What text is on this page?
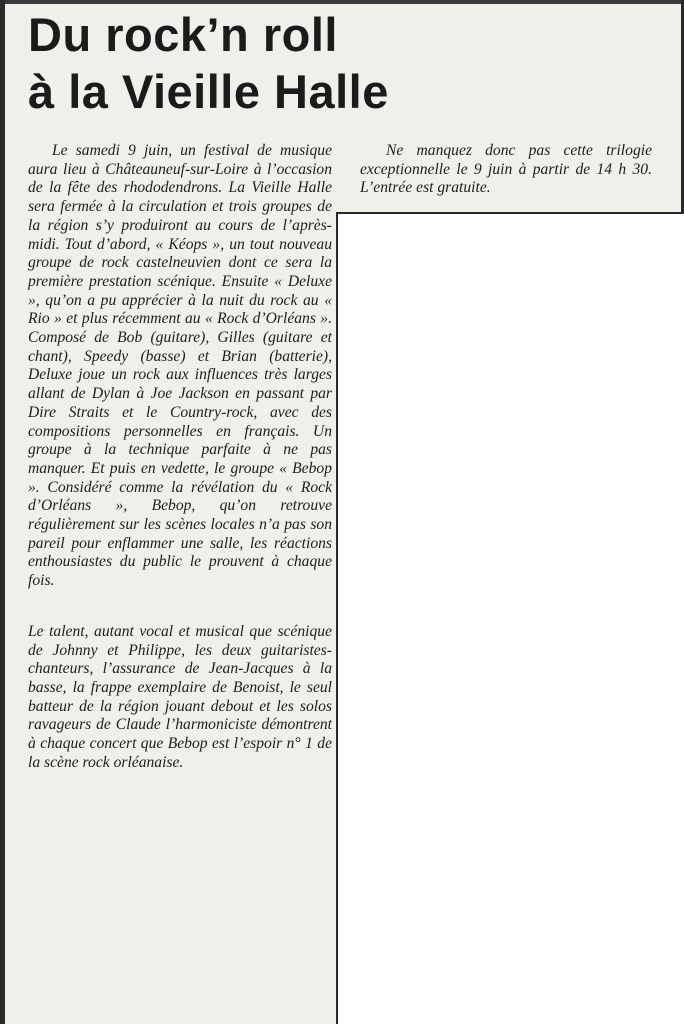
Du rock’n roll
à la Vieille Halle

Le samedi 9 juin, un festival de musique aura lieu à Châteauneuf-sur-Loire à l’occasion de la fête des rhododendrons. La Vieille Halle sera fermée à la circulation et trois groupes de la région s’y produiront au cours de l’après-midi. Tout d’abord, « Kéops », un tout nouveau groupe de rock castelneuvien dont ce sera la première prestation scénique. Ensuite « Deluxe », qu’on a pu apprécier à la nuit du rock au « Rio » et plus récemment au « Rock d’Orléans ». Composé de Bob (guitare), Gilles (guitare et chant), Speedy (basse) et Brian (batterie), Deluxe joue un rock aux influences très larges allant de Dylan à Joe Jackson en passant par Dire Straits et le Country-rock, avec des compositions personnelles en français. Un groupe à la technique parfaite à ne pas manquer. Et puis en vedette, le groupe « Bebop ». Considéré comme la révélation du « Rock d’Orléans », Bebop, qu’on retrouve régulièrement sur les scènes locales n’a pas son pareil pour enflammer une salle, les réactions enthousiastes du public le prouvent à chaque fois.

Le talent, autant vocal et musical que scénique de Johnny et Philippe, les deux guitaristes-chanteurs, l’assurance de Jean-Jacques à la basse, la frappe exemplaire de Benoist, le seul batteur de la région jouant debout et les solos ravageurs de Claude l’harmoniciste démontrent à chaque concert que Bebop est l’espoir n° 1 de la scène rock orléanaise.

Ne manquez donc pas cette trilogie exceptionnelle le 9 juin à partir de 14 h 30. L’entrée est gratuite.
